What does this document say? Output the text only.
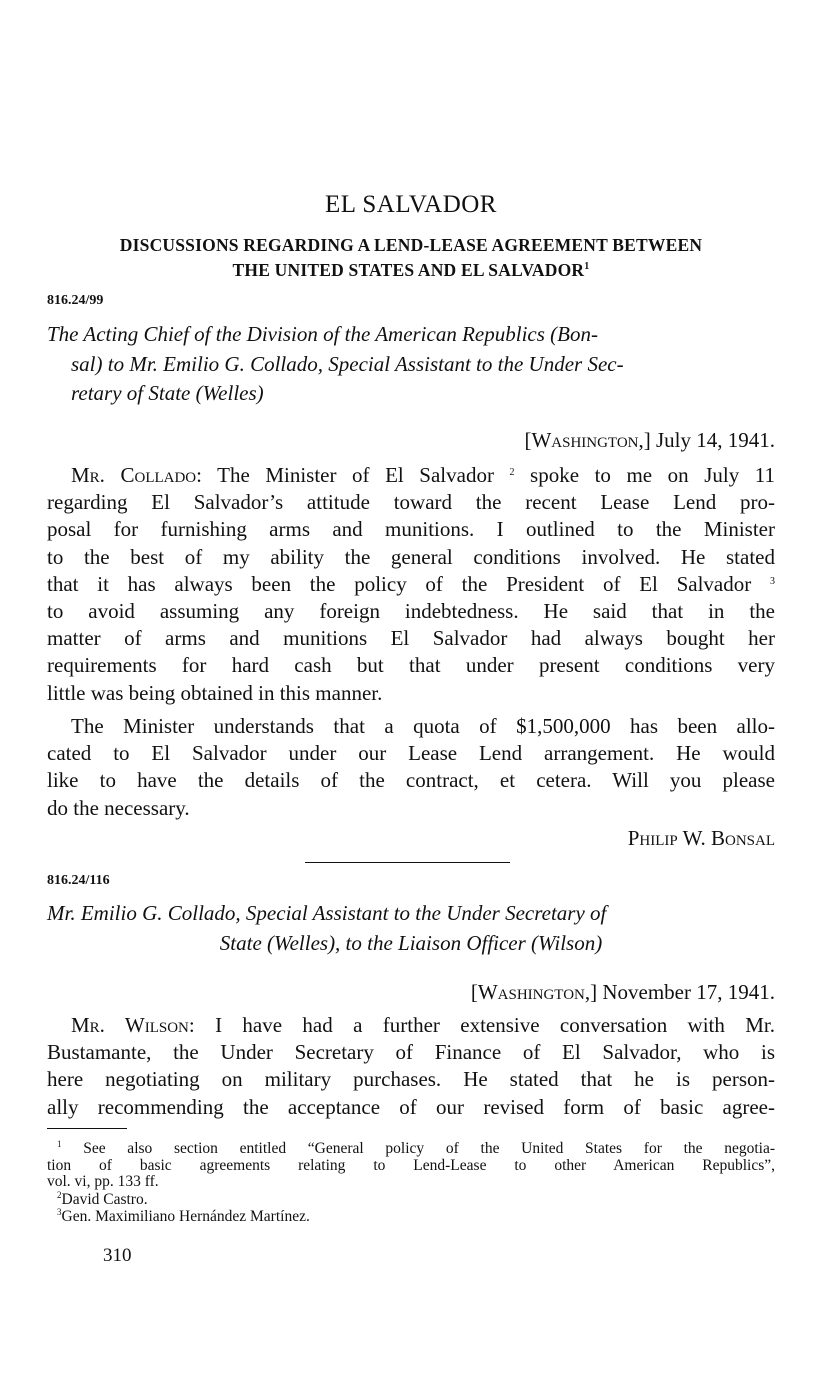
EL SALVADOR
DISCUSSIONS REGARDING A LEND-LEASE AGREEMENT BETWEEN
THE UNITED STATES AND EL SALVADOR$^1$
816.24/99
The Acting Chief of the Division of the American Republics (Bon-
sal) to Mr. Emilio G. Collado, Special Assistant to the Under Sec-
retary of State (Welles)
[Washington,] July 14, 1941.
Mr. Collado: The Minister of El Salvador $^2$ spoke to me on July 11
regarding El Salvador’s attitude toward the recent Lease Lend pro-
posal for furnishing arms and munitions. I outlined to the Minister
to the best of my ability the general conditions involved. He stated
that it has always been the policy of the President of El Salvador $^3$
to avoid assuming any foreign indebtedness. He said that in the
matter of arms and munitions El Salvador had always bought her
requirements for hard cash but that under present conditions very
little was being obtained in this manner.
The Minister understands that a quota of $1,500,000 has been allo-
cated to El Salvador under our Lease Lend arrangement. He would
like to have the details of the contract, et cetera. Will you please
do the necessary.
Philip W. Bonsal
816.24/116
Mr. Emilio G. Collado, Special Assistant to the Under Secretary of
State (Welles), to the Liaison Officer (Wilson)
[Washington,] November 17, 1941.
Mr. Wilson: I have had a further extensive conversation with Mr.
Bustamante, the Under Secretary of Finance of El Salvador, who is
here negotiating on military purchases. He stated that he is person-
ally recommending the acceptance of our revised form of basic agree-
$^1$ See also section entitled “General policy of the United States for the negotia-
tion of basic agreements relating to Lend-Lease to other American Republics”,
vol. vi, pp. 133 ff.
$^2$David Castro.
$^3$Gen. Maximiliano Hernández Martínez.
310
